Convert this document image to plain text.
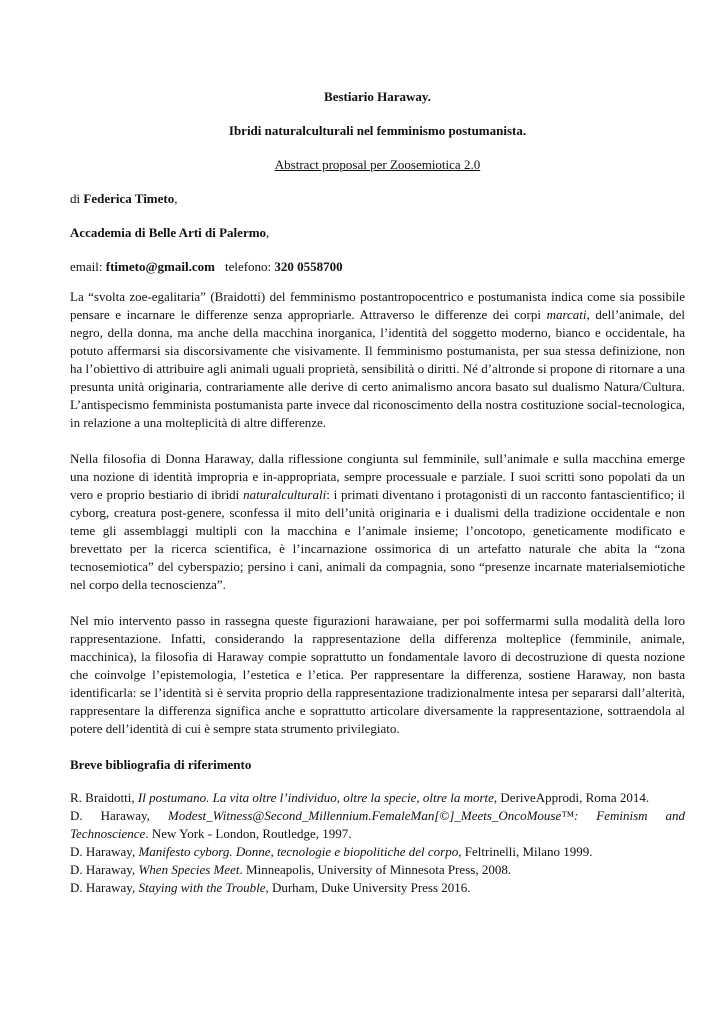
Bestiario Haraway.

Ibridi naturalculturali nel femminismo postumanista.

Abstract proposal per Zoosemiotica 2.0

di Federica Timeto,

Accademia di Belle Arti di Palermo,

email: ftimeto@gmail.com telefono: 320 0558700

La “svolta zoe-egalitaria” (Braidotti) del femminismo postantropocentrico e postumanista indica come sia possibile pensare e incarnare le differenze senza appropriarle. Attraverso le differenze dei corpi marcati, dell’animale, del negro, della donna, ma anche della macchina inorganica, l’identità del soggetto moderno, bianco e occidentale, ha potuto affermarsi sia discorsivamente che visivamente. Il femminismo postumanista, per sua stessa definizione, non ha l’obiettivo di attribuire agli animali uguali proprietà, sensibilità o diritti. Né d’altronde si propone di ritornare a una presunta unità originaria, contrariamente alle derive di certo animalismo ancora basato sul dualismo Natura/Cultura. L’antispecismo femminista postumanista parte invece dal riconoscimento della nostra costituzione social-tecnologica, in relazione a una molteplicità di altre differenze.

Nella filosofia di Donna Haraway, dalla riflessione congiunta sul femminile, sull’animale e sulla macchina emerge una nozione di identità impropria e in-appropriata, sempre processuale e parziale. I suoi scritti sono popolati da un vero e proprio bestiario di ibridi naturalculturali: i primati diventano i protagonisti di un racconto fantascientifico; il cyborg, creatura post-genere, sconfessa il mito dell’unità originaria e i dualismi della tradizione occidentale e non teme gli assemblaggi multipli con la macchina e l’animale insieme; l’oncotopo, geneticamente modificato e brevettato per la ricerca scientifica, è l’incarnazione ossimorica di un artefatto naturale che abita la “zona tecnosemiotica” del cyberspazio; persino i cani, animali da compagnia, sono “presenze incarnate materialsemiotiche nel corpo della tecnoscienza”.

Nel mio intervento passo in rassegna queste figurazioni harawaiane, per poi soffermarmi sulla modalità della loro rappresentazione. Infatti, considerando la rappresentazione della differenza molteplice (femminile, animale, macchinica), la filosofia di Haraway compie soprattutto un fondamentale lavoro di decostruzione di questa nozione che coinvolge l’epistemologia, l’estetica e l’etica. Per rappresentare la differenza, sostiene Haraway, non basta identificarla: se l’identità si è servita proprio della rappresentazione tradizionalmente intesa per separarsi dall’alterità, rappresentare la differenza significa anche e soprattutto articolare diversamente la rappresentazione, sottraendola al potere dell’identità di cui è sempre stata strumento privilegiato.

Breve bibliografia di riferimento

R. Braidotti, Il postumano. La vita oltre l’individuo, oltre la specie, oltre la morte, DeriveApprodi, Roma 2014.
D. Haraway, Modest_Witness@Second_Millennium.FemaleMan[©]_Meets_OncoMouse™: Feminism and Technoscience. New York - London, Routledge, 1997.
D. Haraway, Manifesto cyborg. Donne, tecnologie e biopolitiche del corpo, Feltrinelli, Milano 1999.
D. Haraway, When Species Meet. Minneapolis, University of Minnesota Press, 2008.
D. Haraway, Staying with the Trouble, Durham, Duke University Press 2016.
